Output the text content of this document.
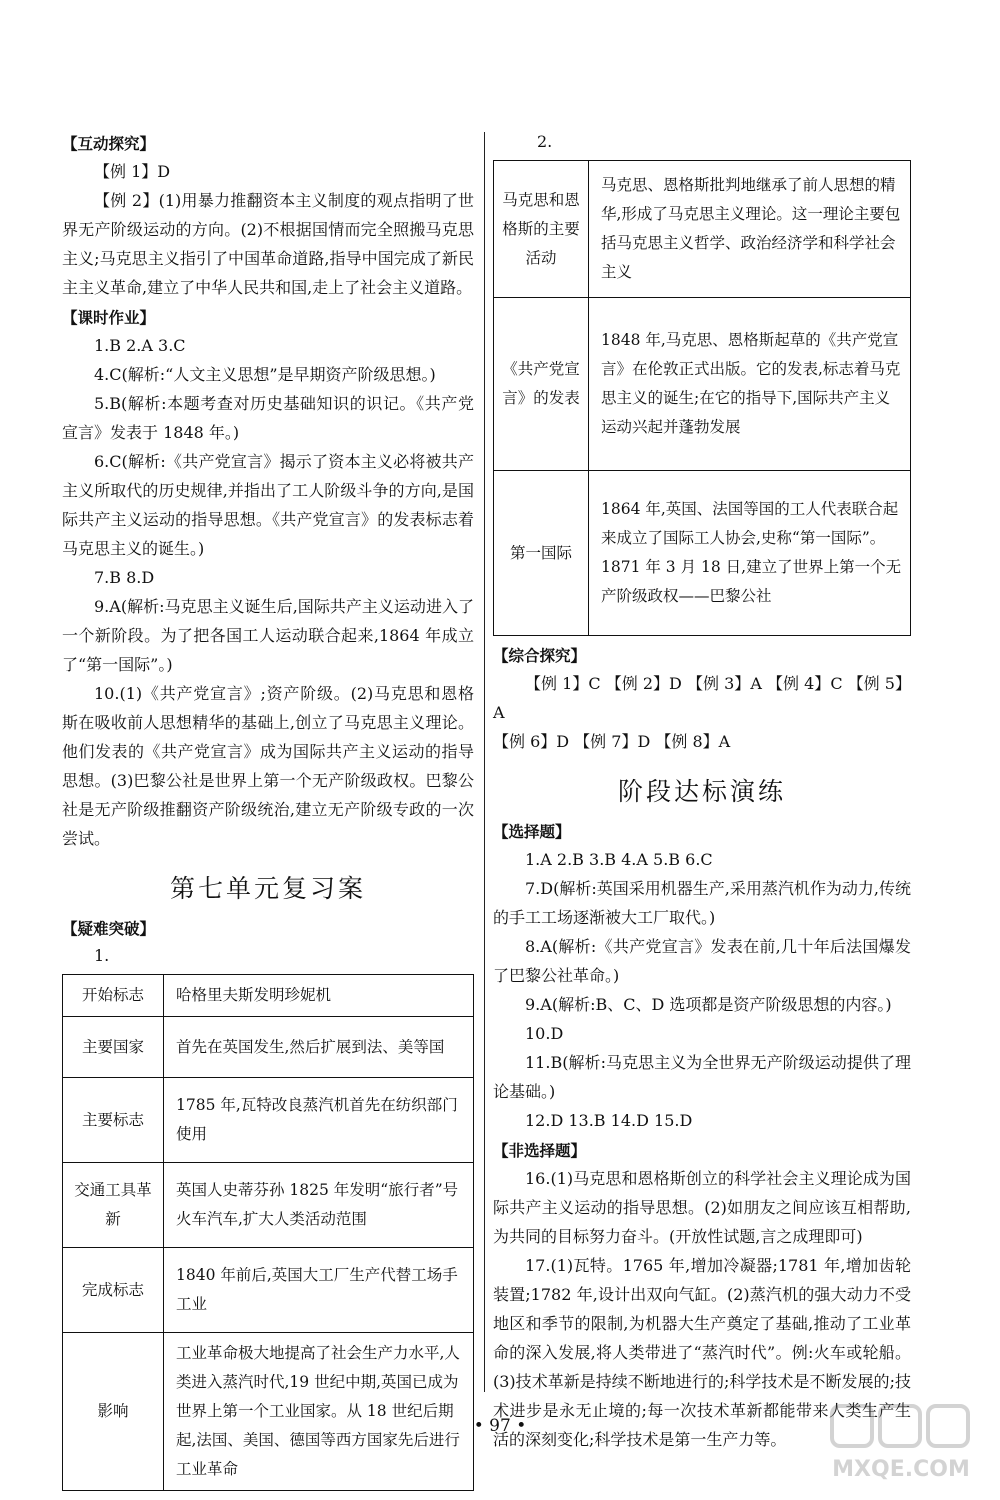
【互动探究】

【例 1】D

【例 2】(1)用暴力推翻资本主义制度的观点指明了世界无产阶级运动的方向。(2)不根据国情而完全照搬马克思主义;马克思主义指引了中国革命道路,指导中国完成了新民主主义革命,建立了中华人民共和国,走上了社会主义道路。

【课时作业】

1.B 2.A 3.C

4.C(解析:“人文主义思想”是早期资产阶级思想。)

5.B(解析:本题考查对历史基础知识的识记。《共产党宣言》发表于 1848 年。)

6.C(解析:《共产党宣言》揭示了资本主义必将被共产主义所取代的历史规律,并指出了工人阶级斗争的方向,是国际共产主义运动的指导思想。《共产党宣言》的发表标志着马克思主义的诞生。)

7.B 8.D

9.A(解析:马克思主义诞生后,国际共产主义运动进入了一个新阶段。为了把各国工人运动联合起来,1864 年成立了“第一国际”。)

10.(1)《共产党宣言》;资产阶级。(2)马克思和恩格斯在吸收前人思想精华的基础上,创立了马克思主义理论。他们发表的《共产党宣言》成为国际共产主义运动的指导思想。(3)巴黎公社是世界上第一个无产阶级政权。巴黎公社是无产阶级推翻资产阶级统治,建立无产阶级专政的一次尝试。

第七单元复习案
【疑难突破】
1.
开始标志	哈格里夫斯发明珍妮机
主要国家	首先在英国发生,然后扩展到法、美等国
主要标志	1785 年,瓦特改良蒸汽机首先在纺织部门使用
交通工具革新	英国人史蒂芬孙 1825 年发明“旅行者”号火车汽车,扩大人类活动范围
完成标志	1840 年前后,英国大工厂生产代替工场手工业
影响	工业革命极大地提高了社会生产力水平,人类进入蒸汽时代,19 世纪中期,英国已成为世界上第一个工业国家。从 18 世纪后期起,法国、美国、德国等西方国家先后进行工业革命
2.
马克思和恩格斯的主要活动	马克思、恩格斯批判地继承了前人思想的精华,形成了马克思主义理论。这一理论主要包括马克思主义哲学、政治经济学和科学社会主义
《共产党宣言》的发表	1848 年,马克思、恩格斯起草的《共产党宣言》在伦敦正式出版。它的发表,标志着马克思主义的诞生;在它的指导下,国际共产主义运动兴起并蓬勃发展
第一国际	1864 年,英国、法国等国的工人代表联合起来成立了国际工人协会,史称“第一国际”。1871 年 3 月 18 日,建立了世界上第一个无产阶级政权——巴黎公社
【综合探究】

【例 1】C 【例 2】D 【例 3】A 【例 4】C 【例 5】A

【例 6】D 【例 7】D 【例 8】A

阶段达标演练
【选择题】

1.A 2.B 3.B 4.A 5.B 6.C

7.D(解析:英国采用机器生产,采用蒸汽机作为动力,传统的手工工场逐渐被大工厂取代。)

8.A(解析:《共产党宣言》发表在前,几十年后法国爆发了巴黎公社革命。)

9.A(解析:B、C、D 选项都是资产阶级思想的内容。)

10.D

11.B(解析:马克思主义为全世界无产阶级运动提供了理论基础。)

12.D 13.B 14.D 15.D

【非选择题】

16.(1)马克思和恩格斯创立的科学社会主义理论成为国际共产主义运动的指导思想。(2)如朋友之间应该互相帮助,为共同的目标努力奋斗。(开放性试题,言之成理即可)

17.(1)瓦特。1765 年,增加冷凝器;1781 年,增加齿轮装置;1782 年,设计出双向气缸。(2)蒸汽机的强大动力不受地区和季节的限制,为机器大生产奠定了基础,推动了工业革命的深入发展,将人类带进了“蒸汽时代”。例:火车或轮船。(3)技术革新是持续不断地进行的;科学技术是不断发展的;技术进步是永无止境的;每一次技术革新都能带来人类生产生活的深刻变化;科学技术是第一生产力等。

• 97 •
MXQE.COM
